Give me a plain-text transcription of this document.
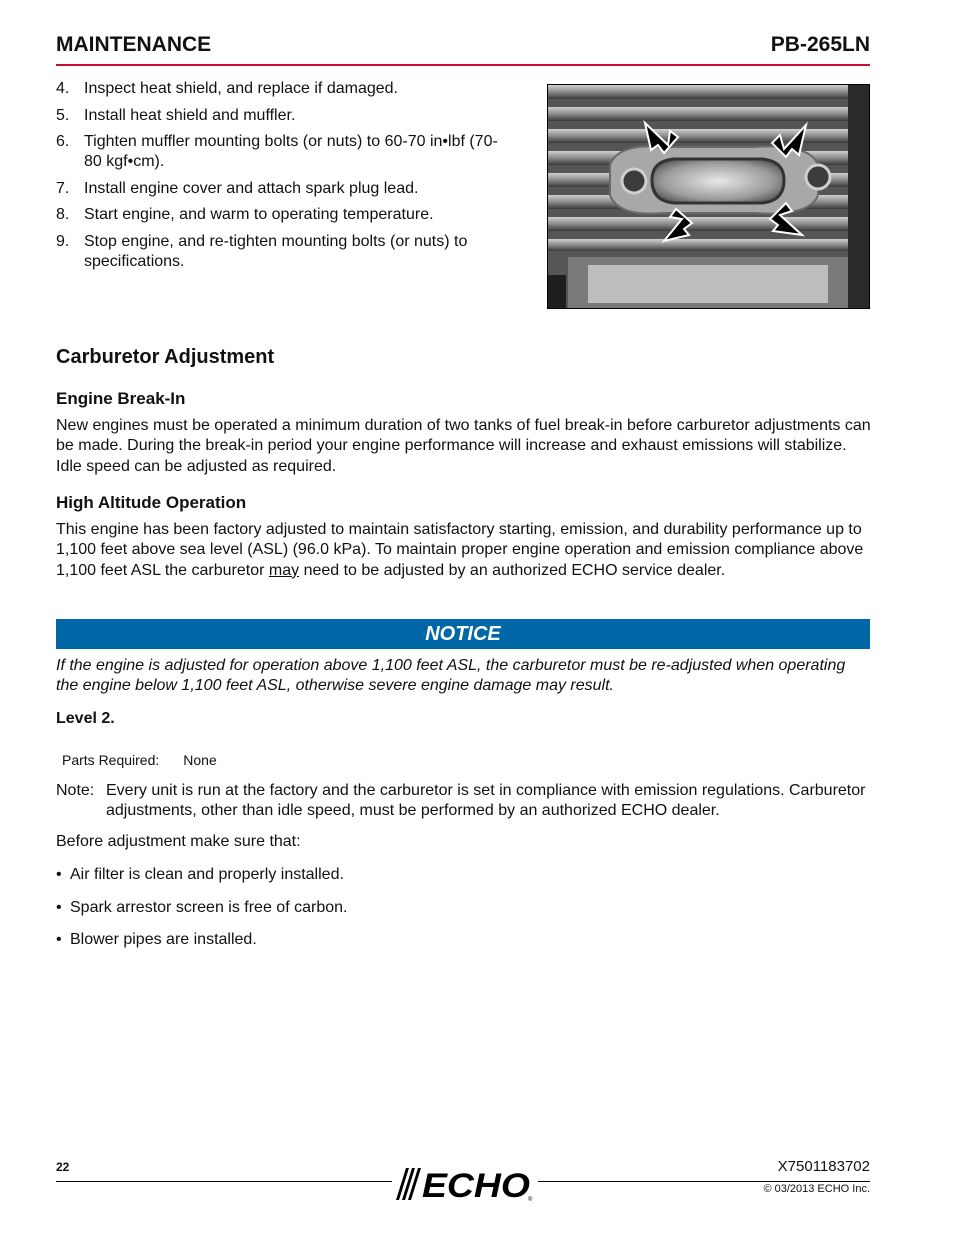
MAINTENANCE	PB-265LN
4. Inspect heat shield, and replace if damaged.
5. Install heat shield and muffler.
6. Tighten muffler mounting bolts (or nuts) to 60-70 in•lbf (70-80 kgf•cm).
7. Install engine cover and attach spark plug lead.
8. Start engine, and warm to operating temperature.
9. Stop engine, and re-tighten mounting bolts (or nuts) to specifications.
Carburetor Adjustment
Engine Break-In

New engines must be operated a minimum duration of two tanks of fuel break-in before carburetor adjustments can be made. During the break-in period your engine performance will increase and exhaust emissions will stabilize. Idle speed can be adjusted as required.

High Altitude Operation

This engine has been factory adjusted to maintain satisfactory starting, emission, and durability performance up to 1,100 feet above sea level (ASL) (96.0 kPa). To maintain proper engine operation and emission compliance above 1,100 feet ASL the carburetor may need to be adjusted by an authorized ECHO service dealer.

NOTICE

If the engine is adjusted for operation above 1,100 feet ASL, the carburetor must be re-adjusted when operating the engine below 1,100 feet ASL, otherwise severe engine damage may result.

Level 2.
Parts Required: None
Note: Every unit is run at the factory and the carburetor is set in compliance with emission regulations. Carburetor adjustments, other than idle speed, must be performed by an authorized ECHO dealer.
Before adjustment make sure that:
• Air filter is clean and properly installed.
• Spark arrestor screen is free of carbon.
• Blower pipes are installed.
22	X7501183702
© 03/2013 ECHO Inc.
ECHO
®
